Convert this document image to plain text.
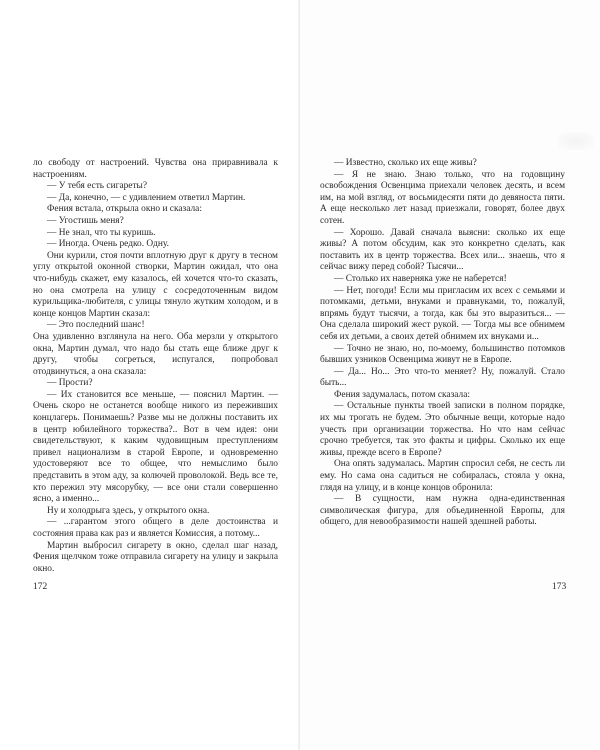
ло свободу от настроений. Чувства она приравнивала к настроениям.

— У тебя есть сигареты?

— Да, конечно, — с удивлением ответил Мартин.

Фения встала, открыла окно и сказала:

— Угостишь меня?

— Не знал, что ты куришь.

— Иногда. Очень редко. Одну.

Они курили, стоя почти вплотную друг к другу в тесном углу открытой оконной створки, Мартин ожидал, что она что-нибудь скажет, ему казалось, ей хочется что-то сказать, но она смотрела на улицу с сосредоточенным видом курильщика-любителя, с улицы тянуло жутким холодом, и в конце концов Мартин сказал:

— Это последний шанс!

Она удивленно взглянула на него. Оба мерзли у открытого окна, Мартин думал, что надо бы стать еще ближе друг к другу, чтобы согреться, испугался, попробовал отодвинуться, а она сказала:

— Прости?

— Их становится все меньше, — пояснил Мартин. — Очень скоро не останется вообще никого из переживших концлагерь. Понимаешь? Разве мы не должны поставить их в центр юбилейного торжества?.. Вот в чем идея: они свидетельствуют, к каким чудовищным преступлениям привел национализм в старой Европе, и одновременно удостоверяют все то общее, что немыслимо было представить в этом аду, за колючей проволокой. Ведь все те, кто пережил эту мясорубку, — все они стали совершенно ясно, а именно...

Ну и холодрыга здесь, у открытого окна.

— ...гарантом этого общего в деле достоинства и состояния права как раз и является Комиссия, а потому...

Мартин выбросил сигарету в окно, сделал шаг назад, Фения щелчком тоже отправила сигарету на улицу и закрыла окно.

172

— Известно, сколько их еще живы?

— Я не знаю. Знаю только, что на годовщину освобождения Освенцима приехали человек десять, и всем им, на мой взгляд, от восьмидесяти пяти до девяноста пяти. А еще несколько лет назад приезжали, говорят, более двух сотен.

— Хорошо. Давай сначала выясни: сколько их еще живы? А потом обсудим, как это конкретно сделать, как поставить их в центр торжества. Всех или... знаешь, что я сейчас вижу перед собой? Тысячи...

— Столько их наверняка уже не наберется!

— Нет, погоди! Если мы пригласим их всех с семьями и потомками, детьми, внуками и правнуками, то, пожалуй, впрямь будут тысячи, а тогда, как бы это выразиться... — Она сделала широкий жест рукой. — Тогда мы все обнимем себя их детьми, а своих детей обнимем их внуками и...

— Точно не знаю, но, по-моему, большинство потомков бывших узников Освенцима живут не в Европе.

— Да... Но... Это что-то меняет? Ну, пожалуй. Стало быть...

Фения задумалась, потом сказала:

— Остальные пункты твоей записки в полном порядке, их мы трогать не будем. Это обычные вещи, которые надо учесть при организации торжества. Но что нам сейчас срочно требуется, так это факты и цифры. Сколько их еще живы, прежде всего в Европе?

Она опять задумалась. Мартин спросил себя, не сесть ли ему. Но сама она садиться не собиралась, стояла у окна, глядя на улицу, и в конце концов обронила:

— В сущности, нам нужна одна-единственная символическая фигура, для объединенной Европы, для общего, для невообразимости нашей здешней работы.

173
